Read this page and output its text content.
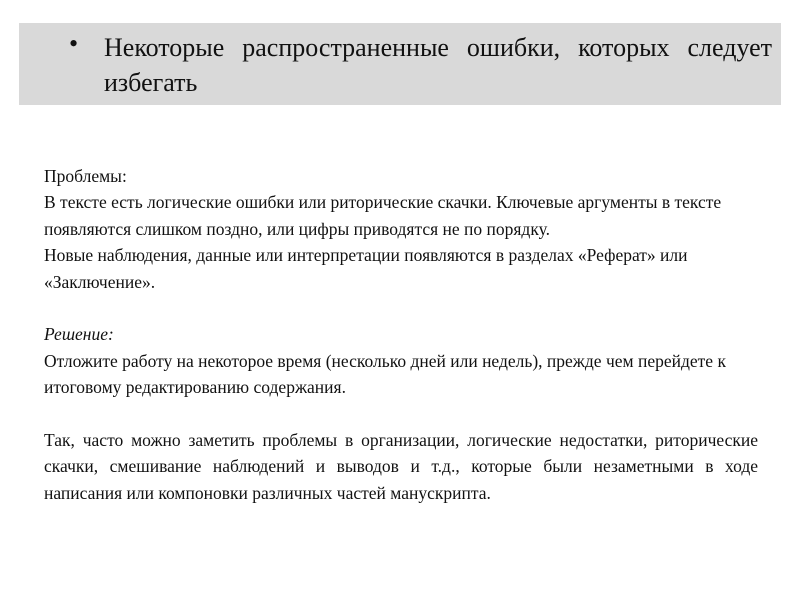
• Некоторые распространенные ошибки, которых следует избегать

Проблемы:

В тексте есть логические ошибки или риторические скачки. Ключевые аргументы в тексте появляются слишком поздно, или цифры приводятся не по порядку.

Новые наблюдения, данные или интерпретации появляются в разделах «Реферат» или «Заключение».

Решение:

Отложите работу на некоторое время (несколько дней или недель), прежде чем перейдете к итоговому редактированию содержания.

Так, часто можно заметить проблемы в организации, логические недостатки, риторические скачки, смешивание наблюдений и выводов и т.д., которые были незаметными в ходе написания или компоновки различных частей манускрипта.
